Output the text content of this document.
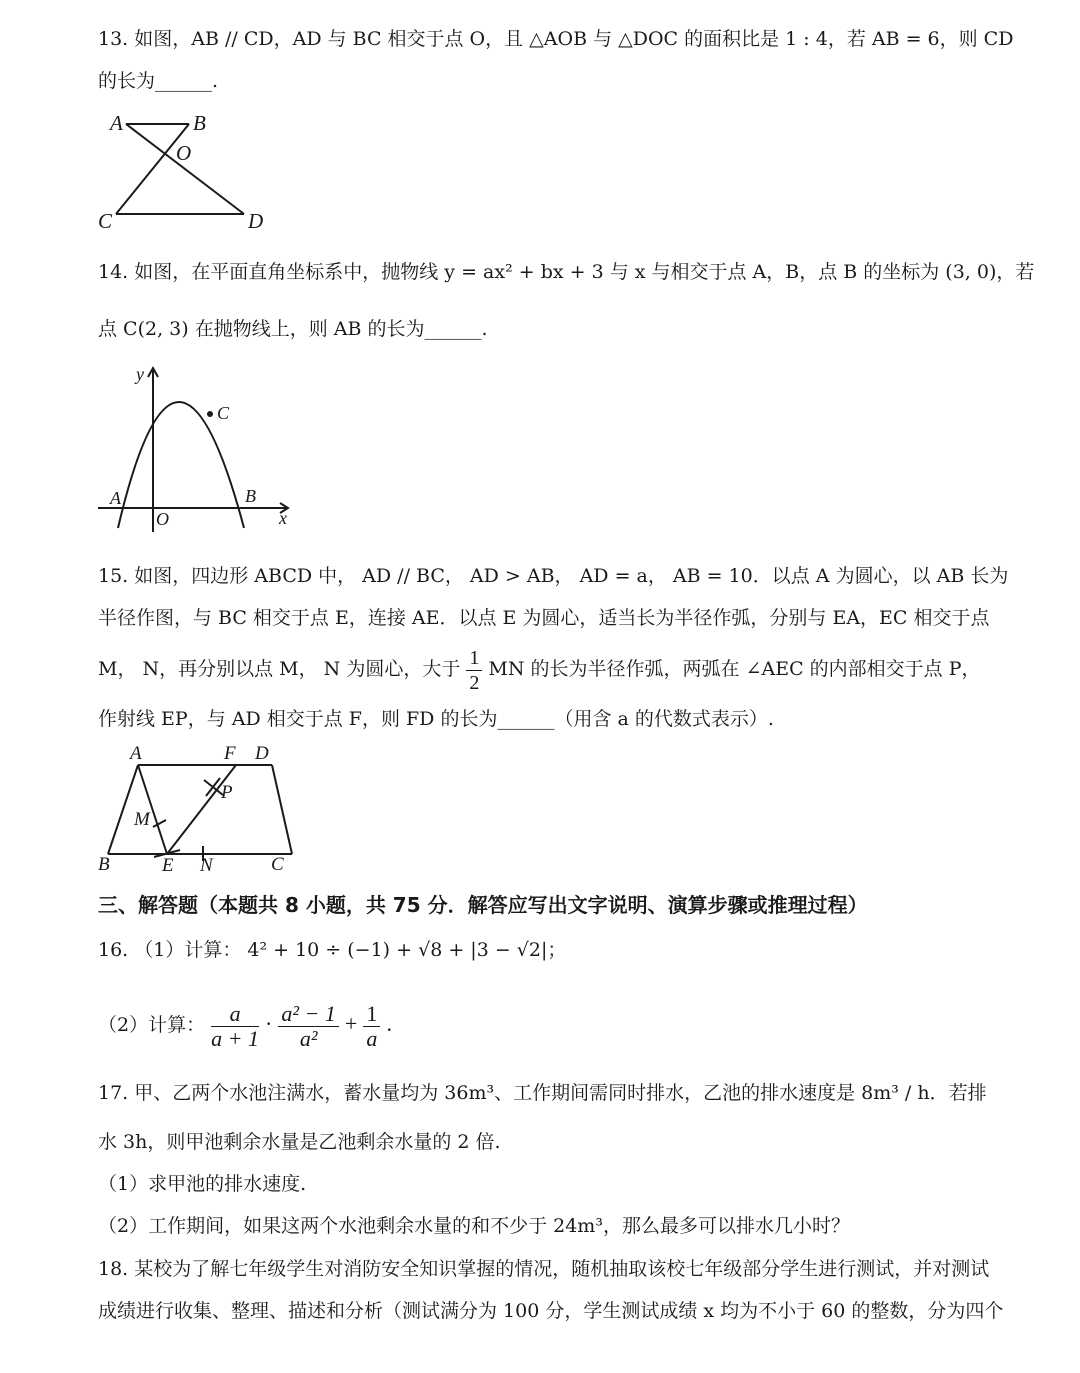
13. 如图，AB // CD，AD 与 BC 相交于点 O，且 △AOB 与 △DOC 的面积比是 1 : 4，若 AB = 6，则 CD
的长为______.
A	B
O
C	D
14. 如图，在平面直角坐标系中，抛物线 y = ax² + bx + 3 与 x 与相交于点 A，B，点 B 的坐标为 (3, 0)，若
点 C(2, 3) 在抛物线上，则 AB 的长为______.
y
x
A	B
O
C
15. 如图，四边形 ABCD 中， AD // BC， AD > AB， AD = a， AB = 10．以点 A 为圆心，以 AB 长为
半径作图，与 BC 相交于点 E，连接 AE．以点 E 为圆心，适当长为半径作弧，分别与 EA，EC 相交于点
M， N，再分别以点 M， N 为圆心，大于 $\frac{1}{2}$ MN 的长为半径作弧，两弧在 ∠AEC 的内部相交于点 P，
作射线 EP，与 AD 相交于点 F，则 FD 的长为______（用含 a 的代数式表示）.
A	F D
P
M
B	E N	C
三、解答题（本题共 8 小题，共 75 分．解答应写出文字说明、演算步骤或推理过程）
16. （1）计算： 4² + 10 ÷ (−1) + √8 + |3 − √2|；
（2）计算： $\frac{a}{a + 1} \cdot \frac{\text{a² − 1}}{\text{a²}} + \frac{1}{a}$ .
17. 甲、乙两个水池注满水，蓄水量均为 36m³、工作期间需同时排水，乙池的排水速度是 8m³ / h．若排
水 3h，则甲池剩余水量是乙池剩余水量的 2 倍.
（1）求甲池的排水速度.
（2）工作期间，如果这两个水池剩余水量的和不少于 24m³，那么最多可以排水几小时？
18. 某校为了解七年级学生对消防安全知识掌握的情况，随机抽取该校七年级部分学生进行测试，并对测试
成绩进行收集、整理、描述和分析（测试满分为 100 分，学生测试成绩 x 均为不小于 60 的整数，分为四个
